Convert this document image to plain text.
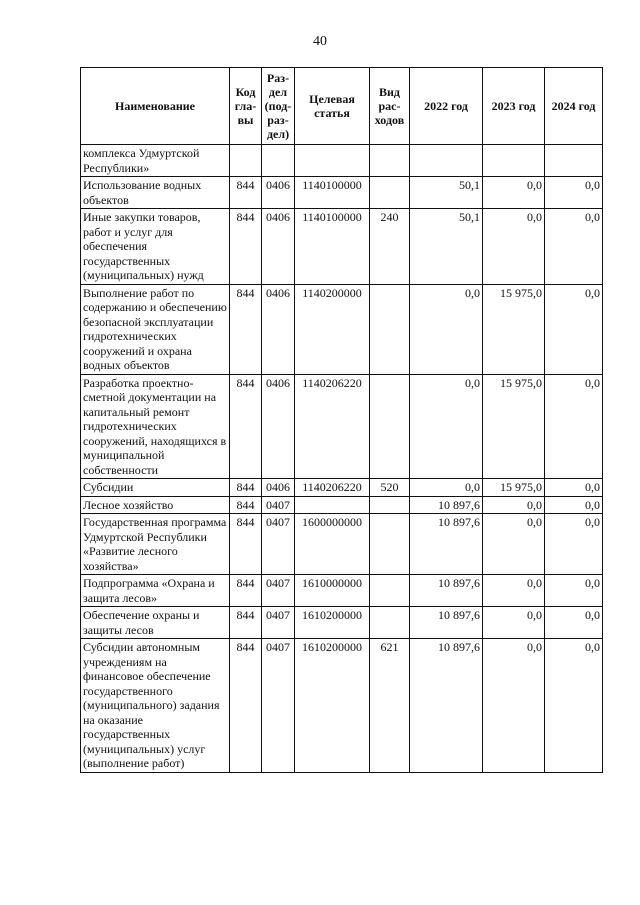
40
Наименование	Код гла-вы	Раз-дел (под-раз-дел)	Целевая статья	Вид рас-ходов	2022 год	2023 год	2024 год
комплекса Удмуртской Республики»							
Использование водных объектов	844	0406	1140100000		50,1	0,0	0,0
Иные закупки товаров, работ и услуг для обеспечения государственных (муниципальных) нужд	844	0406	1140100000	240	50,1	0,0	0,0
Выполнение работ по содержанию и обеспечению безопасной эксплуатации гидротехнических сооружений и охрана водных объектов	844	0406	1140200000		0,0	15 975,0	0,0
Разработка проектно-сметной документации на капитальный ремонт гидротехнических сооружений, находящихся в муниципальной собственности	844	0406	1140206220		0,0	15 975,0	0,0
Субсидии	844	0406	1140206220	520	0,0	15 975,0	0,0
Лесное хозяйство	844	0407			10 897,6	0,0	0,0
Государственная программа Удмуртской Республики «Развитие лесного хозяйства»	844	0407	1600000000		10 897,6	0,0	0,0
Подпрограмма «Охрана и защита лесов»	844	0407	1610000000		10 897,6	0,0	0,0
Обеспечение охраны и защиты лесов	844	0407	1610200000		10 897,6	0,0	0,0
Субсидии автономным учреждениям на финансовое обеспечение государственного (муниципального) задания на оказание государственных (муниципальных) услуг (выполнение работ)	844	0407	1610200000	621	10 897,6	0,0	0,0
